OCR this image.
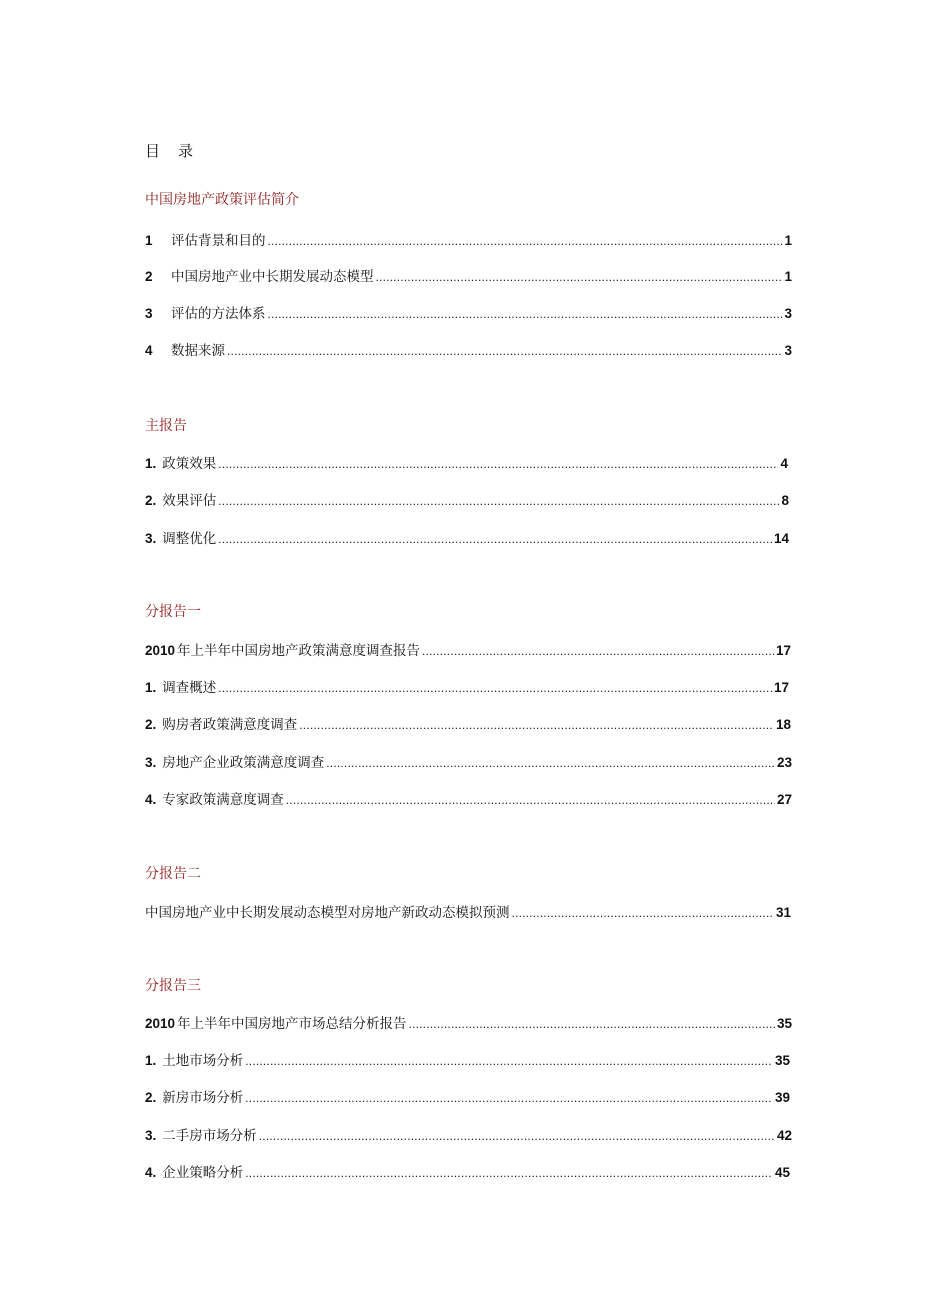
目 录
中国房地产政策评估简介
1	评估背景和目的 .....	1
2	中国房地产业中长期发展动态模型 .....	1
3	评估的方法体系 .....	3
4	数据来源 .....	3
主报告
1. 政策效果 .....	4
2. 效果评估 .....	8
3. 调整优化 .....	14
分报告一
2010 年上半年中国房地产政策满意度调查报告 .....	17
1. 调查概述 .....	17
2. 购房者政策满意度调查 .....	18
3. 房地产企业政策满意度调查 .....	23
4. 专家政策满意度调查 .....	27
分报告二
中国房地产业中长期发展动态模型对房地产新政动态模拟预测 .....	31
分报告三
2010 年上半年中国房地产市场总结分析报告 .....	35
1. 土地市场分析 .....	35
2. 新房市场分析 .....	39
3. 二手房市场分析 .....	42
4. 企业策略分析 .....	45
